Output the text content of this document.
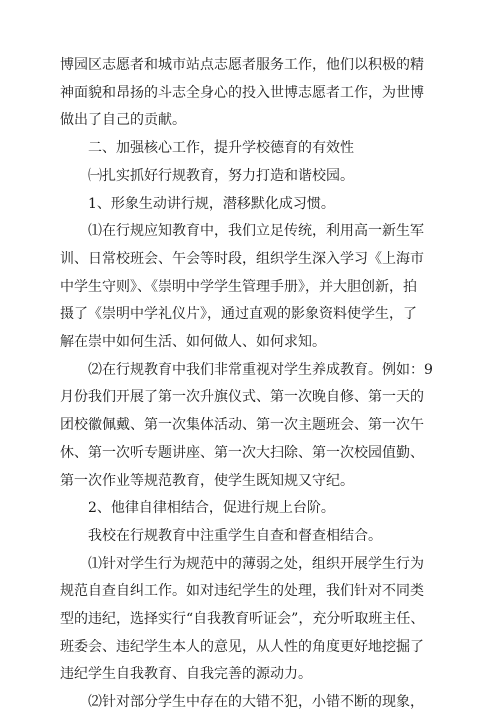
博园区志愿者和城市站点志愿者服务工作，他们以积极的精
神面貌和昂扬的斗志全身心的投入世博志愿者工作，为世博
做出了自己的贡献。

二、加强核心工作，提升学校德育的有效性

㈠扎实抓好行规教育，努力打造和谐校园。

1、形象生动讲行规，潜移默化成习惯。

⑴在行规应知教育中，我们立足传统，利用高一新生军
训、日常校班会、午会等时段，组织学生深入学习《上海市
中学生守则》、《崇明中学学生管理手册》，并大胆创新，拍
摄了《崇明中学礼仪片》，通过直观的影象资料使学生，了
解在崇中如何生活、如何做人、如何求知。

⑵在行规教育中我们非常重视对学生养成教育。例如：9
月份我们开展了第一次升旗仪式、第一次晚自修、第一天的
团校徽佩戴、第一次集体活动、第一次主题班会、第一次午
休、第一次听专题讲座、第一次大扫除、第一次校园值勤、
第一次作业等规范教育，使学生既知规又守纪。

2、他律自律相结合，促进行规上台阶。

我校在行规教育中注重学生自查和督查相结合。

⑴针对学生行为规范中的薄弱之处，组织开展学生行为
规范自查自纠工作。如对违纪学生的处理，我们针对不同类
型的违纪，选择实行“自我教育听证会”，充分听取班主任、
班委会、违纪学生本人的意见，从人性的角度更好地挖掘了
违纪学生自我教育、自我完善的源动力。

⑵针对部分学生中存在的大错不犯，小错不断的现象，
